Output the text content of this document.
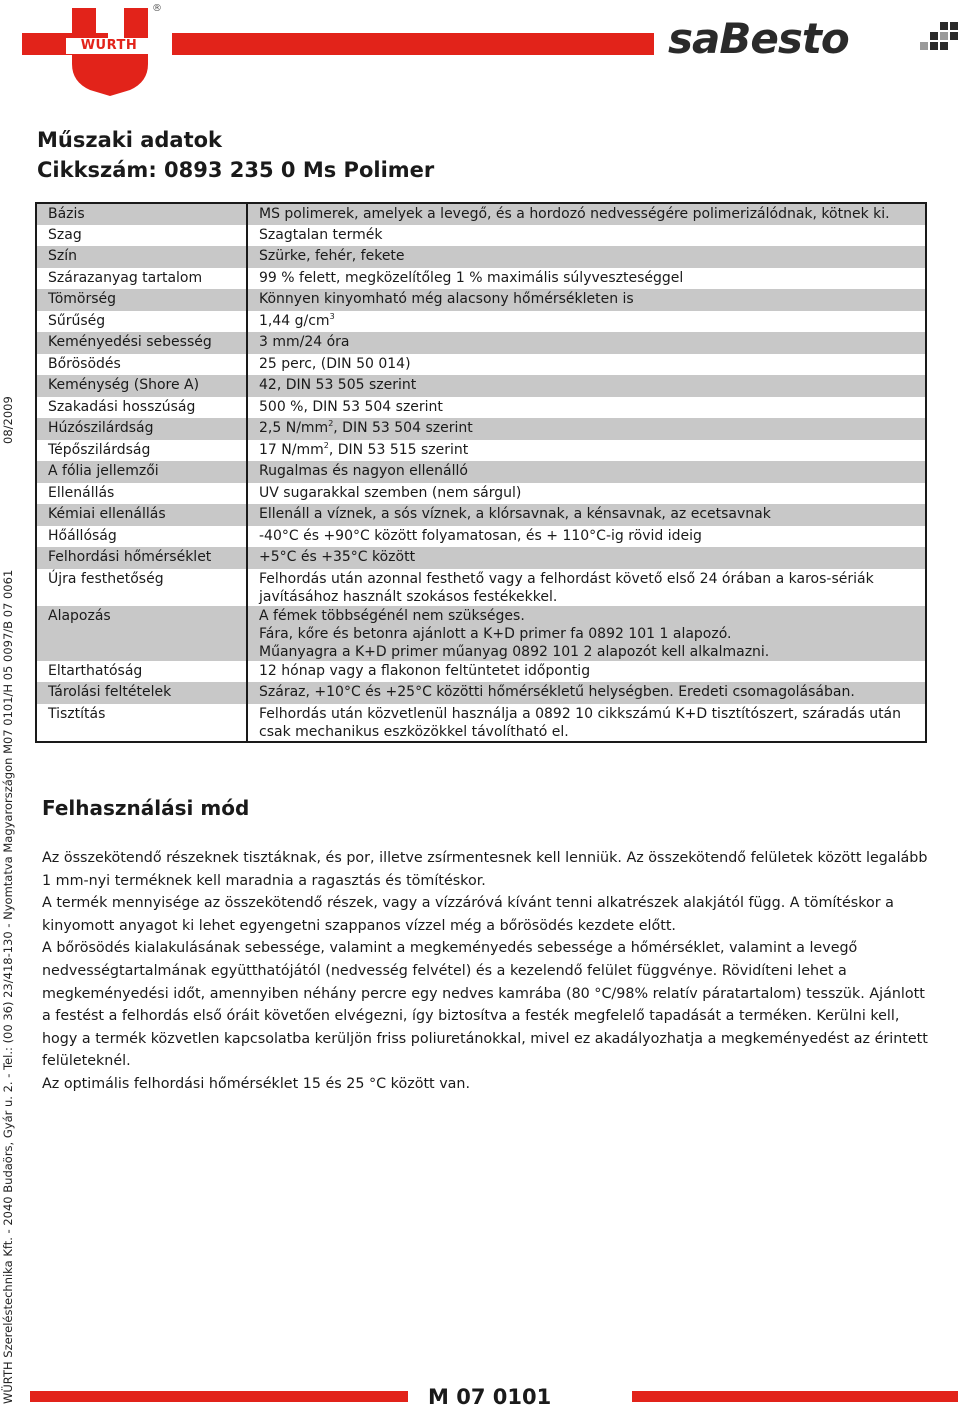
WÜRTH
®
saBesto
WÜRTH Szereléstechnika Kft. - 2040 Budaörs, Gyár u. 2. - Tel.: (00 36) 23/418-130 - Nyomtatva Magyarországon M07 0101/H 05 0097/B 07 0061
08/2009
Műszaki adatok
Cikkszám: 0893 235 0 Ms Polimer
Bázis	MS polimerek, amelyek a levegő, és a hordozó nedvességére polimerizálódnak, kötnek ki.
Szag	Szagtalan termék
Szín	Szürke, fehér, fekete
Szárazanyag tartalom	99 % felett, megközelítőleg 1 % maximális súlyveszteséggel
Tömörség	Könnyen kinyomható még alacsony hőmérsékleten is
Sűrűség	1,44 $g/cm^3$
Keményedési sebesség	3 mm/24 óra
Bőrösödés	25 perc, (DIN 50 014)
Keménység (Shore A)	42, DIN 53 505 szerint
Szakadási hosszúság	500 %, DIN 53 504 szerint
Húzószilárdság	2,5 $N/mm^2$, DIN 53 504 szerint
Tépőszilárdság	17 $N/mm^2$, DIN 53 515 szerint
A fólia jellemzői	Rugalmas és nagyon ellenálló
Ellenállás	UV sugarakkal szemben (nem sárgul)
Kémiai ellenállás	Ellenáll a víznek, a sós víznek, a klórsavnak, a kénsavnak, az ecetsavnak
Hőállóság	-40°C és +90°C között folyamatosan, és + 110°C-ig rövid ideig
Felhordási hőmérséklet	+5°C és +35°C között
Újra festhetőség	Felhordás után azonnal festhető vagy a felhordást követő első 24 órában a karos-sériák javításához használt szokásos festékekkel.
Alapozás	A fémek többségénél nem szükséges.
Fára, kőre és betonra ajánlott a K+D primer fa 0892 101 1 alapozó.
Műanyagra a K+D primer műanyag 0892 101 2 alapozót kell alkalmazni.
Eltarthatóság	12 hónap vagy a flakonon feltüntetet időpontig
Tárolási feltételek	Száraz, +10°C és +25°C közötti hőmérsékletű helységben. Eredeti csomagolásában.
Tisztítás	Felhordás után közvetlenül használja a 0892 10 cikkszámú K+D tisztítószert, száradás után csak mechanikus eszközökkel távolítható el.
Felhasználási mód

Az összekötendő részeknek tisztáknak, és por, illetve zsírmentesnek kell lenniük. Az összekötendő felületek között legalább 1 mm-nyi terméknek kell maradnia a ragasztás és tömítéskor.

A termék mennyisége az összekötendő részek, vagy a vízzáróvá kívánt tenni alkatrészek alakjától függ. A tömítéskor a kinyomott anyagot ki lehet egyengetni szappanos vízzel még a bőrösödés kezdete előtt.

A bőrösödés kialakulásának sebessége, valamint a megkeményedés sebessége a hőmérséklet, valamint a levegő nedvességtartalmának együtthatójától (nedvesség felvétel) és a kezelendő felület függvénye. Rövidíteni lehet a megkeményedési időt, amennyiben néhány percre egy nedves kamrába (80 °C/98% relatív páratartalom) tesszük. Ajánlott a festést a felhordás első óráit követően elvégezni, így biztosítva a festék megfelelő tapadását a terméken. Kerülni kell, hogy a termék közvetlen kapcsolatba kerüljön friss poliuretánokkal, mivel ez akadályozhatja a megkeményedést az érintett felületeknél.

Az optimális felhordási hőmérséklet 15 és 25 °C között van.

M 07 0101
